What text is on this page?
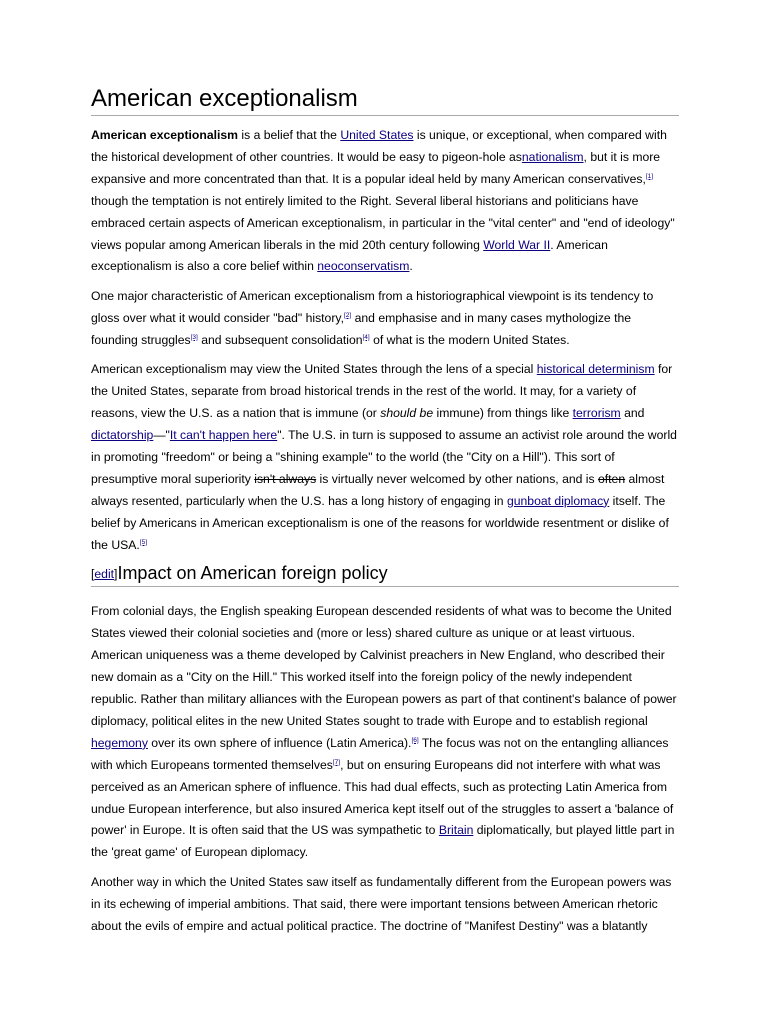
American exceptionalism

American exceptionalism is a belief that the United States is unique, or exceptional, when compared with the historical development of other countries. It would be easy to pigeon-hole asnationalism, but it is more expansive and more concentrated than that. It is a popular ideal held by many American conservatives,[1] though the temptation is not entirely limited to the Right. Several liberal historians and politicians have embraced certain aspects of American exceptionalism, in particular in the "vital center" and "end of ideology" views popular among American liberals in the mid 20th century following World War II. American exceptionalism is also a core belief within neoconservatism.

One major characteristic of American exceptionalism from a historiographical viewpoint is its tendency to gloss over what it would consider "bad" history,[2] and emphasise and in many cases mythologize the founding struggles[3] and subsequent consolidation[4] of what is the modern United States.

American exceptionalism may view the United States through the lens of a special historical determinism for the United States, separate from broad historical trends in the rest of the world. It may, for a variety of reasons, view the U.S. as a nation that is immune (or should be immune) from things like terrorism and dictatorship—"It can't happen here". The U.S. in turn is supposed to assume an activist role around the world in promoting "freedom" or being a "shining example" to the world (the "City on a Hill"). This sort of presumptive moral superiority isn't always is virtually never welcomed by other nations, and is often almost always resented, particularly when the U.S. has a long history of engaging in gunboat diplomacy itself. The belief by Americans in American exceptionalism is one of the reasons for worldwide resentment or dislike of the USA.[5]

[edit]Impact on American foreign policy

From colonial days, the English speaking European descended residents of what was to become the United States viewed their colonial societies and (more or less) shared culture as unique or at least virtuous. American uniqueness was a theme developed by Calvinist preachers in New England, who described their new domain as a "City on the Hill." This worked itself into the foreign policy of the newly independent republic. Rather than military alliances with the European powers as part of that continent's balance of power diplomacy, political elites in the new United States sought to trade with Europe and to establish regional hegemony over its own sphere of influence (Latin America).[6] The focus was not on the entangling alliances with which Europeans tormented themselves[7], but on ensuring Europeans did not interfere with what was perceived as an American sphere of influence. This had dual effects, such as protecting Latin America from undue European interference, but also insured America kept itself out of the struggles to assert a 'balance of power' in Europe. It is often said that the US was sympathetic to Britain diplomatically, but played little part in the 'great game' of European diplomacy.

Another way in which the United States saw itself as fundamentally different from the European powers was in its echewing of imperial ambitions. That said, there were important tensions between American rhetoric about the evils of empire and actual political practice. The doctrine of "Manifest Destiny" was a blatantly
